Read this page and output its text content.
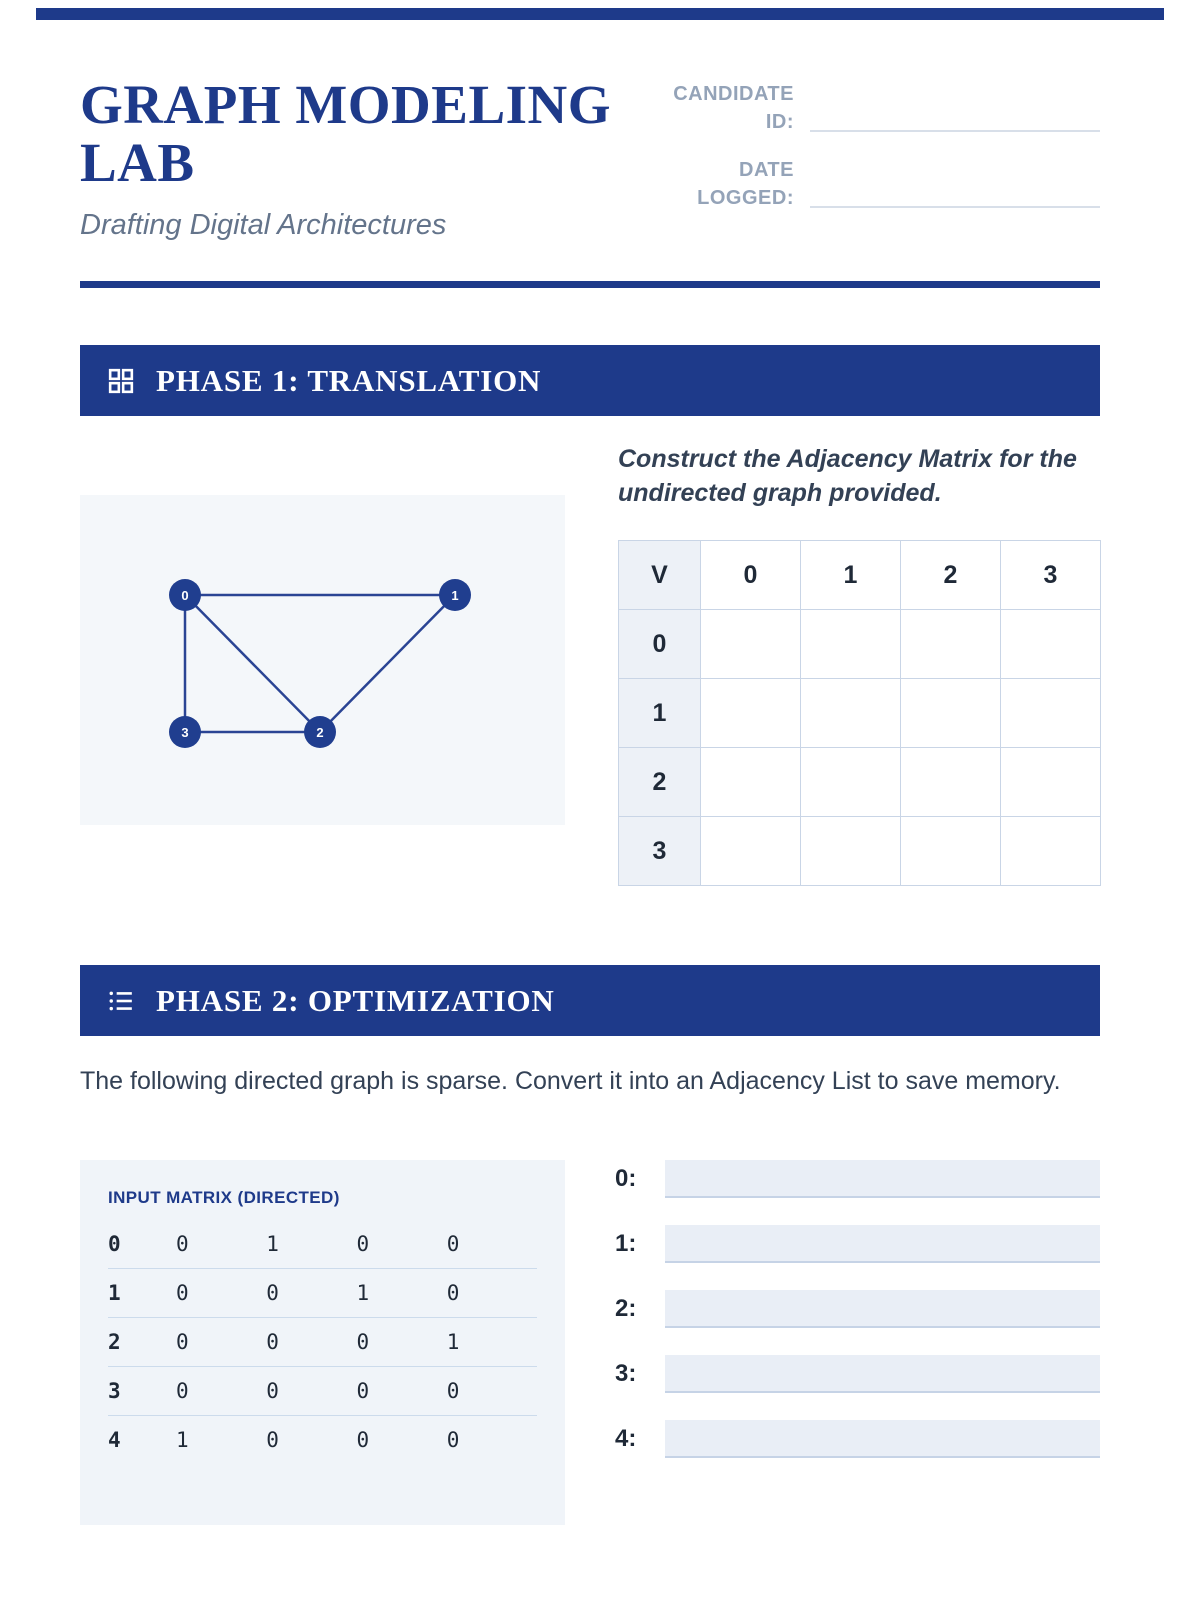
GRAPH MODELING LAB
Drafting Digital Architectures
CANDIDATE ID:
DATE LOGGED:
PHASE 1: TRANSLATION
0	1
2
3
Construct the Adjacency Matrix for the undirected graph provided.
V	0	1	2	3
0				
1				
2				
3				
PHASE 2: OPTIMIZATION
The following directed graph is sparse. Convert it into an Adjacency List to save memory.
INPUT MATRIX (DIRECTED)
0	0	1	0	0
1	0	0	1	0
2	0	0	0	1
3	0	0	0	0
4	1	0	0	0
0:
1:
2:
3:
4:
